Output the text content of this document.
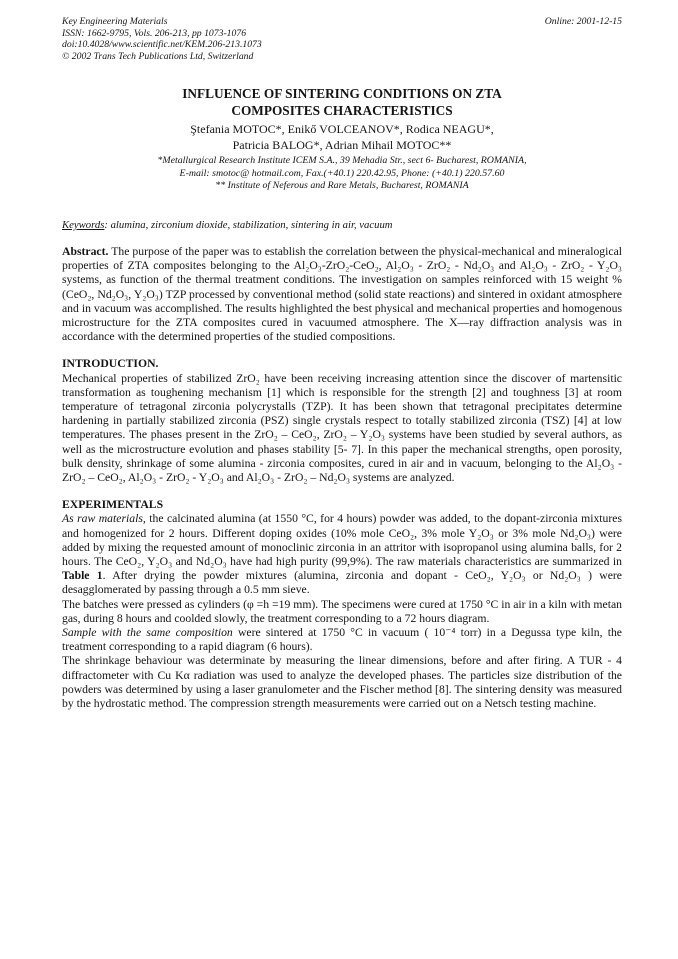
Key Engineering Materials
ISSN: 1662-9795, Vols. 206-213, pp 1073-1076
doi:10.4028/www.scientific.net/KEM.206-213.1073
© 2002 Trans Tech Publications Ltd, Switzerland
Online: 2001-12-15
INFLUENCE OF SINTERING CONDITIONS ON ZTA
COMPOSITES CHARACTERISTICS
Ştefania MOTOC*, Enikő VOLCEANOV*, Rodica NEAGU*,
Patricia BALOG*, Adrian Mihail MOTOC**
*Metallurgical Research Institute ICEM S.A., 39 Mehadia Str., sect 6- Bucharest, ROMANIA,
E-mail: smotoc@ hotmail.com, Fax.(+40.1) 220.42.95, Phone: (+40.1) 220.57.60
** Institute of Neferous and Rare Metals, Bucharest, ROMANIA

Keywords: alumina, zirconium dioxide, stabilization, sintering in air, vacuum

Abstract. The purpose of the paper was to establish the correlation between the physical-mechanical and mineralogical properties of ZTA composites belonging to the Al₂O₃-ZrO₂-CeO₂, Al₂O₃ - ZrO₂ - Nd₂O₃ and Al₂O₃ - ZrO₂ - Y₂O₃ systems, as function of the thermal treatment conditions. The investigation on samples reinforced with 15 weight % (CeO₂, Nd₂O₃, Y₂O₃) TZP processed by conventional method (solid state reactions) and sintered in oxidant atmosphere and in vacuum was accomplished. The results highlighted the best physical and mechanical properties and homogenous microstructure for the ZTA composites cured in vacuumed atmosphere. The X—ray diffraction analysis was in accordance with the determined properties of the studied compositions.

INTRODUCTION.

Mechanical properties of stabilized ZrO₂ have been receiving increasing attention since the discover of martensitic transformation as toughening mechanism [1] which is responsible for the strength [2] and toughness [3] at room temperature of tetragonal zirconia polycrystalls (TZP). It has been shown that tetragonal precipitates determine hardening in partially stabilized zirconia (PSZ) single crystals respect to totally stabilized zirconia (TSZ) [4] at low temperatures. The phases present in the ZrO₂ – CeO₂, ZrO₂ – Y₂O₃ systems have been studied by several authors, as well as the microstructure evolution and phases stability [5- 7]. In this paper the mechanical strengths, open porosity, bulk density, shrinkage of some alumina - zirconia composites, cured in air and in vacuum, belonging to the Al₂O₃ - ZrO₂ – CeO₂, Al₂O₃ - ZrO₂ - Y₂O₃ and Al₂O₃ - ZrO₂ – Nd₂O₃ systems are analyzed.

EXPERIMENTALS

As raw materials, the calcinated alumina (at 1550 °C, for 4 hours) powder was added, to the dopant-zirconia mixtures and homogenized for 2 hours. Different doping oxides (10% mole CeO₂, 3% mole Y₂O₃ or 3% mole Nd₂O₃) were added by mixing the requested amount of monoclinic zirconia in an attritor with isopropanol using alumina balls, for 2 hours. The CeO₂, Y₂O₃ and Nd₂O₃ have had high purity (99,9%). The raw materials characteristics are summarized in Table 1. After drying the powder mixtures (alumina, zirconia and dopant - CeO₂, Y₂O₃ or Nd₂O₃ ) were desagglomerated by passing through a 0.5 mm sieve.

The batches were pressed as cylinders (φ =h =19 mm). The specimens were cured at 1750 °C in air in a kiln with metan gas, during 8 hours and coolded slowly, the treatment corresponding to a 72 hours diagram.

Sample with the same composition were sintered at 1750 °C in vacuum ( 10⁻⁴ torr) in a Degussa type kiln, the treatment corresponding to a rapid diagram (6 hours).

The shrinkage behaviour was determinate by measuring the linear dimensions, before and after firing. A TUR - 4 diffractometer with Cu Kα radiation was used to analyze the developed phases. The particles size distribution of the powders was determined by using a laser granulometer and the Fischer method [8]. The sintering density was measured by the hydrostatic method. The compression strength measurements were carried out on a Netsch testing machine.
